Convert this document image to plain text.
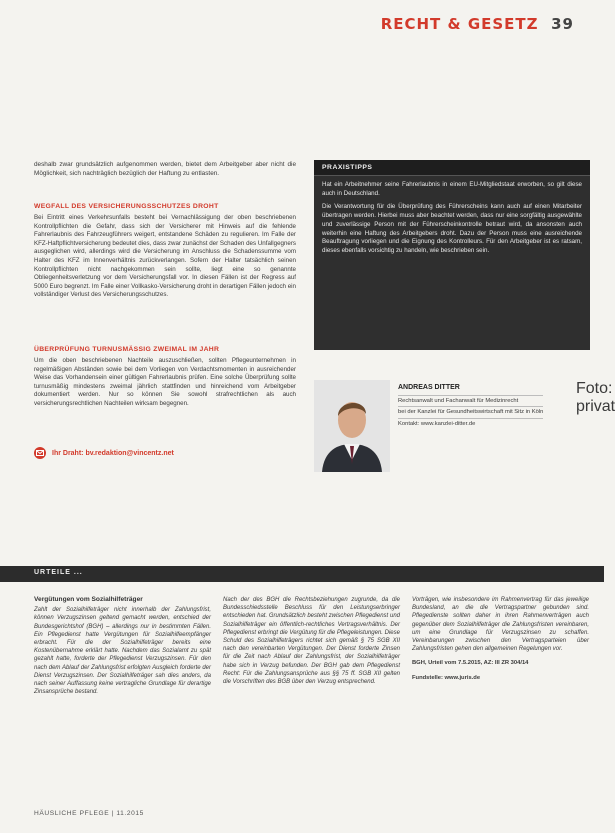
RECHT & GESETZ 39

deshalb zwar grundsätzlich aufgenommen werden, bietet dem Arbeitgeber aber nicht die Möglichkeit, sich nachträglich bezüglich der Haftung zu entlasten.

WEGFALL DES VERSICHERUNGSSCHUTZES DROHT

Bei Eintritt eines Verkehrsunfalls besteht bei Vernachlässigung der oben beschriebenen Kontrollpflichten die Gefahr, dass sich der Versicherer mit Hinweis auf die fehlende Fahrerlaubnis des Fahrzeugführers weigert, entstandene Schäden zu regulieren. Im Falle der KFZ-Haftpflichtversicherung bedeutet dies, dass zwar zunächst der Schaden des Unfallgegners ausgeglichen wird, allerdings wird die Versicherung im Anschluss die Schadenssumme vom Halter des KFZ im Innenverhältnis zurückverlangen. Sofern der Halter tatsächlich seinen Kontrollpflichten nicht nachgekommen sein sollte, liegt eine so genannte Obliegenheitsverletzung vor dem Versicherungsfall vor. In diesen Fällen ist der Regress auf 5000 Euro begrenzt. Im Falle einer Vollkasko-Versicherung droht in derartigen Fällen jedoch ein vollständiger Verlust des Versicherungsschutzes.

ÜBERPRÜFUNG TURNUSMÄSSIG ZWEIMAL IM JAHR

Um die oben beschriebenen Nachteile auszuschließen, sollten Pflegeunternehmen in regelmäßigen Abständen sowie bei dem Vorliegen von Verdachtsmomenten in ausreichender Weise das Vorhandensein einer gültigen Fahrerlaubnis prüfen. Eine solche Überprüfung sollte turnusmäßig mindestens zweimal jährlich stattfinden und hinreichend vom Arbeitgeber dokumentiert werden. Nur so können Sie sowohl strafrechtlichen als auch versicherungsrechtlichen Nachteilen wirksam begegnen.

Ihr Draht: bv.redaktion@vincentz.net
PRAXISTIPPS

Hat ein Arbeitnehmer seine Fahrerlaubnis in einem EU-Mitgliedstaat erworben, so gilt diese auch in Deutschland.

Die Verantwortung für die Überprüfung des Führerscheins kann auch auf einen Mitarbeiter übertragen werden. Hierbei muss aber beachtet werden, dass nur eine sorgfältig ausgewählte und zuverlässige Person mit der Führerscheinkontrolle betraut wird, da ansonsten auch weiterhin eine Haftung des Arbeitgebers droht. Dazu der Person muss eine ausreichende Beauftragung vorliegen und die Eignung des Kontrolleurs. Für den Arbeitgeber ist es ratsam, dieses ebenfalls vorsichtig zu handeln, wie beschrieben sein.

ANDREAS DITTER
Rechtsanwalt und Fachanwalt für Medizinrecht
bei der Kanzlei für Gesundheitswirtschaft mit Sitz in Köln
Kontakt: www.kanzlei-ditter.de
Foto: privat
URTEILE ...
Vergütungen vom Sozialhilfeträger

Zahlt der Sozialhilfeträger nicht innerhalb der Zahlungsfrist, können Verzugszinsen geltend gemacht werden, entschied der Bundesgerichtshof (BGH) – allerdings nur in bestimmten Fällen. Ein Pflegedienst hatte Vergütungen für Sozialhilfeempfänger erbracht. Für die der Sozialhilfeträger bereits eine Kostenübernahme erklärt hatte. Nachdem das Sozialamt zu spät gezahlt hatte, forderte der Pflegedienst Verzugszinsen. Für den nach dem Ablauf der Zahlungsfrist erfolgten Ausgleich forderte der Dienst Verzugszinsen. Der Sozialhilfeträger sah dies anders, da nach seiner Auffassung keine vertragliche Grundlage für derartige Zinsansprüche bestand.

Nach der des BGH die Rechtsbeziehungen zugrunde, da die Bundesschiedsstelle Beschluss für den Leistungserbringer entschieden hat. Grundsätzlich besteht zwischen Pflegedienst und Sozialhilfeträger ein öffentlich-rechtliches Vertragsverhältnis. Der Pflegedienst erbringt die Vergütung für die Pflegeleistungen. Diese Schuld des Sozialhilfeträgers richtet sich gemäß § 75 SGB XII nach den vereinbarten Vergütungen. Der Dienst forderte Zinsen für die Zeit nach Ablauf der Zahlungsfrist, der Sozialhilfeträger habe sich in Verzug befunden. Der BGH gab dem Pflegedienst Recht: Für die Zahlungsansprüche aus §§ 75 ff. SGB XII gelten die Vorschriften des BGB über den Verzug entsprechend.

Vorträgen, wie insbesondere im Rahmenvertrag für das jeweilige Bundesland, an die die Vertragspartner gebunden sind. Pflegedienste sollten daher in ihren Rahmenverträgen auch gegenüber dem Sozialhilfeträger die Zahlungsfristen vereinbaren, um eine Grundlage für Verzugszinsen zu schaffen. Vereinbarungen zwischen den Vertragsparteien über Zahlungsfristen gehen den allgemeinen Regelungen vor.

BGH, Urteil vom 7.5.2015, AZ: III ZR 304/14
Fundstelle: www.juris.de
HÄUSLICHE PFLEGE | 11.2015
